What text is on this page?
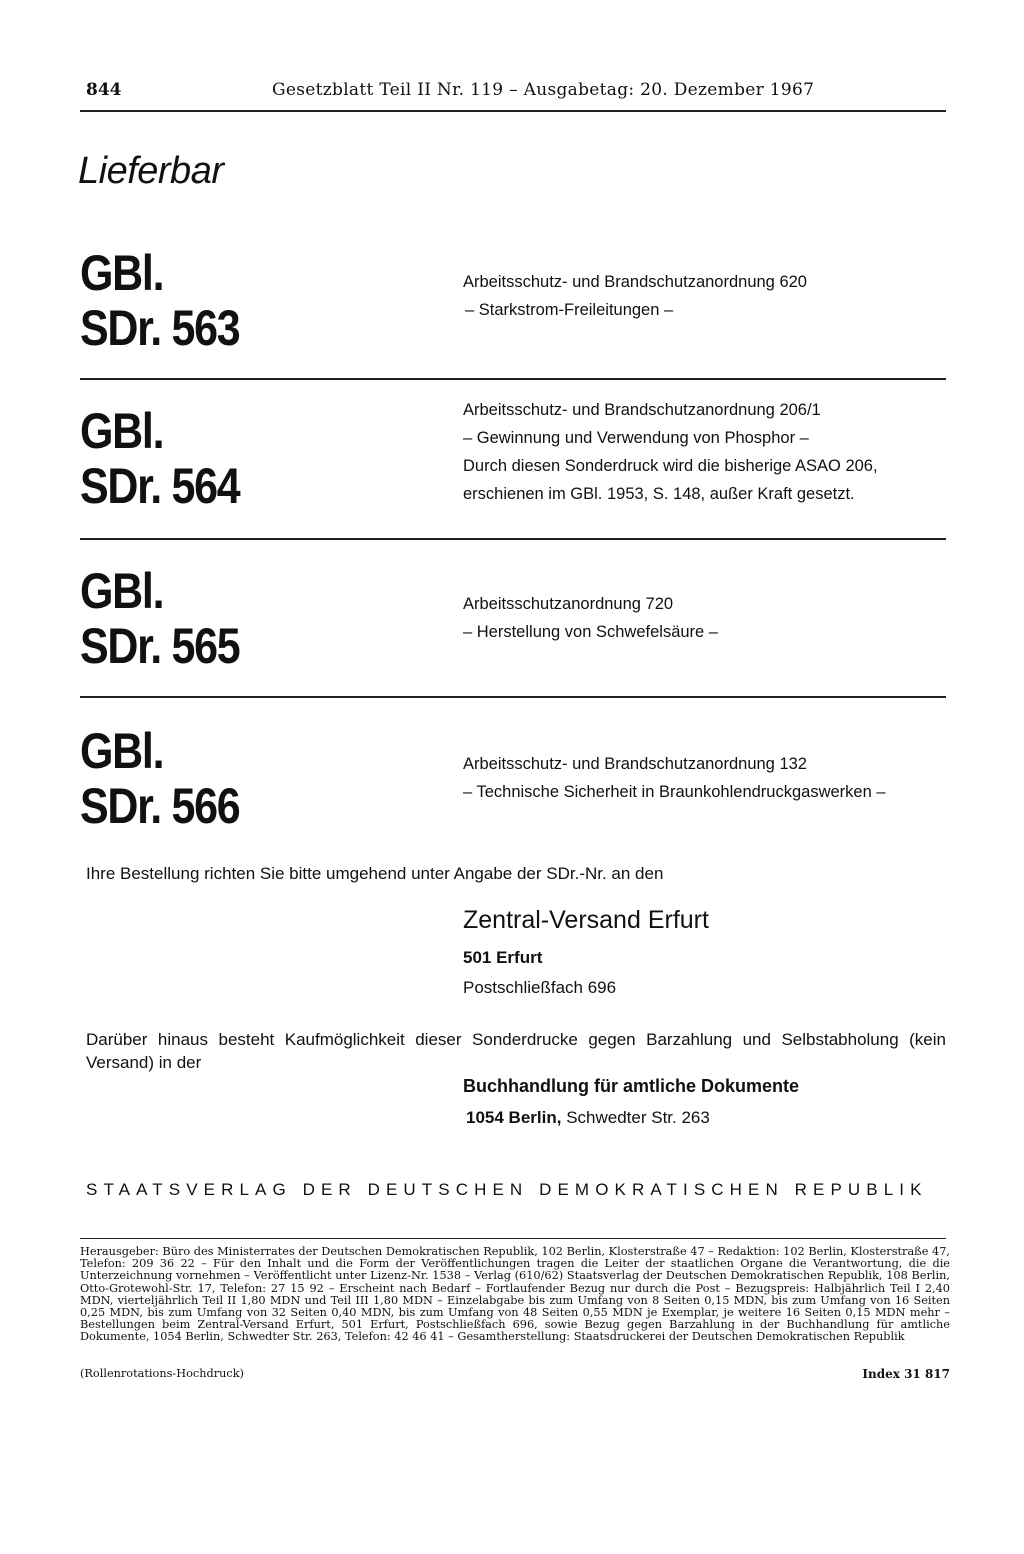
844	Gesetzblatt Teil II Nr. 119 – Ausgabetag: 20. Dezember 1967
Lieferbar
GBl.
SDr. 563
Arbeitsschutz- und Brandschutzanordnung 620
– Starkstrom-Freileitungen –
GBl.
SDr. 564
Arbeitsschutz- und Brandschutzanordnung 206/1
– Gewinnung und Verwendung von Phosphor –
Durch diesen Sonderdruck wird die bisherige ASAO 206,
erschienen im GBl. 1953, S. 148, außer Kraft gesetzt.
GBl.
SDr. 565
Arbeitsschutzanordnung 720
– Herstellung von Schwefelsäure –
GBl.
SDr. 566
Arbeitsschutz- und Brandschutzanordnung 132
– Technische Sicherheit in Braunkohlendruckgaswerken –
Ihre Bestellung richten Sie bitte umgehend unter Angabe der SDr.-Nr. an den
Zentral-Versand Erfurt
501 Erfurt
Postschließfach 696
Darüber hinaus besteht Kaufmöglichkeit dieser Sonderdrucke gegen Barzahlung und Selbstabholung (kein Versand) in der
Buchhandlung für amtliche Dokumente
1054 Berlin, Schwedter Str. 263
STAATSVERLAG DER DEUTSCHEN DEMOKRATISCHEN REPUBLIK
Herausgeber: Büro des Ministerrates der Deutschen Demokratischen Republik, 102 Berlin, Klosterstraße 47 – Redaktion: 102 Berlin, Klosterstraße 47, Telefon: 209 36 22 – Für den Inhalt und die Form der Veröffentlichungen tragen die Leiter der staatlichen Organe die Verantwortung, die die Unterzeichnung vornehmen – Veröffentlicht unter Lizenz-Nr. 1538 – Verlag (610/62) Staatsverlag der Deutschen Demokratischen Republik, 108 Berlin, Otto-Grotewohl-Str. 17, Telefon: 27 15 92 – Erscheint nach Bedarf – Fortlaufender Bezug nur durch die Post – Bezugspreis: Halbjährlich Teil I 2,40 MDN, vierteljährlich Teil II 1,80 MDN und Teil III 1,80 MDN – Einzelabgabe bis zum Umfang von 8 Seiten 0,15 MDN, bis zum Umfang von 16 Seiten 0,25 MDN, bis zum Umfang von 32 Seiten 0,40 MDN, bis zum Umfang von 48 Seiten 0,55 MDN je Exemplar, je weitere 16 Seiten 0,15 MDN mehr – Bestellungen beim Zentral-Versand Erfurt, 501 Erfurt, Postschließfach 696, sowie Bezug gegen Barzahlung in der Buchhandlung für amtliche Dokumente, 1054 Berlin, Schwedter Str. 263, Telefon: 42 46 41 – Gesamtherstellung: Staatsdruckerei der Deutschen Demokratischen Republik
(Rollenrotations-Hochdruck)	Index 31 817
